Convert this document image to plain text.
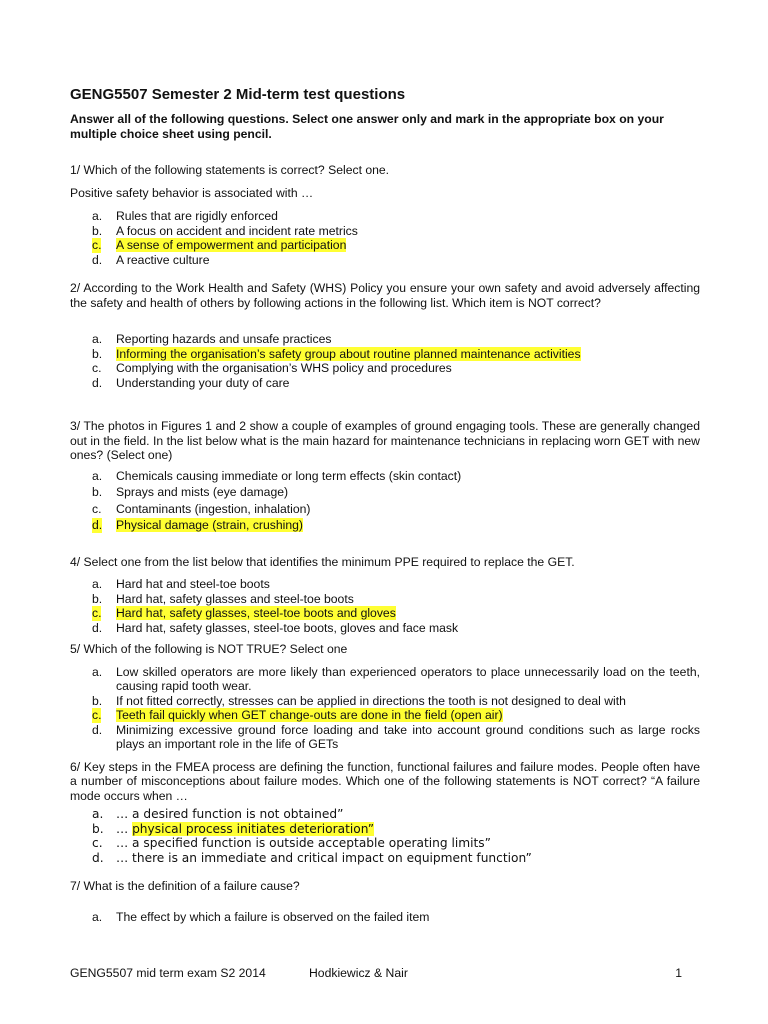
GENG5507 Semester 2 Mid-term test questions
Answer all of the following questions. Select one answer only and mark in the appropriate box on your multiple choice sheet using pencil.

1/ Which of the following statements is correct? Select one.

Positive safety behavior is associated with …

a. Rules that are rigidly enforced
b. A focus on accident and incident rate metrics
c. A sense of empowerment and participation
d. A reactive culture

2/ According to the Work Health and Safety (WHS) Policy you ensure your own safety and avoid adversely affecting the safety and health of others by following actions in the following list. Which item is NOT correct?

a. Reporting hazards and unsafe practices
b. Informing the organisation’s safety group about routine planned maintenance activities
c. Complying with the organisation’s WHS policy and procedures
d. Understanding your duty of care

3/ The photos in Figures 1 and 2 show a couple of examples of ground engaging tools. These are generally changed out in the field. In the list below what is the main hazard for maintenance technicians in replacing worn GET with new ones? (Select one)

a. Chemicals causing immediate or long term effects (skin contact)
b. Sprays and mists (eye damage)
c. Contaminants (ingestion, inhalation)
d. Physical damage (strain, crushing)

4/ Select one from the list below that identifies the minimum PPE required to replace the GET.

a. Hard hat and steel-toe boots
b. Hard hat, safety glasses and steel-toe boots
c. Hard hat, safety glasses, steel-toe boots and gloves
d. Hard hat, safety glasses, steel-toe boots, gloves and face mask

5/ Which of the following is NOT TRUE? Select one

a. Low skilled operators are more likely than experienced operators to place unnecessarily load on the teeth, causing rapid tooth wear.
b. If not fitted correctly, stresses can be applied in directions the tooth is not designed to deal with
c. Teeth fail quickly when GET change-outs are done in the field (open air)
d. Minimizing excessive ground force loading and take into account ground conditions such as large rocks plays an important role in the life of GETs

6/ Key steps in the FMEA process are defining the function, functional failures and failure modes. People often have a number of misconceptions about failure modes. Which one of the following statements is NOT correct? “A failure mode occurs when …

a. … a desired function is not obtained”
b. … physical process initiates deterioration”
c. … a specified function is outside acceptable operating limits”
d. … there is an immediate and critical impact on equipment function”

7/ What is the definition of a failure cause?

a. The effect by which a failure is observed on the failed item
GENG5507 mid term exam S2 2014	Hodkiewicz & Nair	1
